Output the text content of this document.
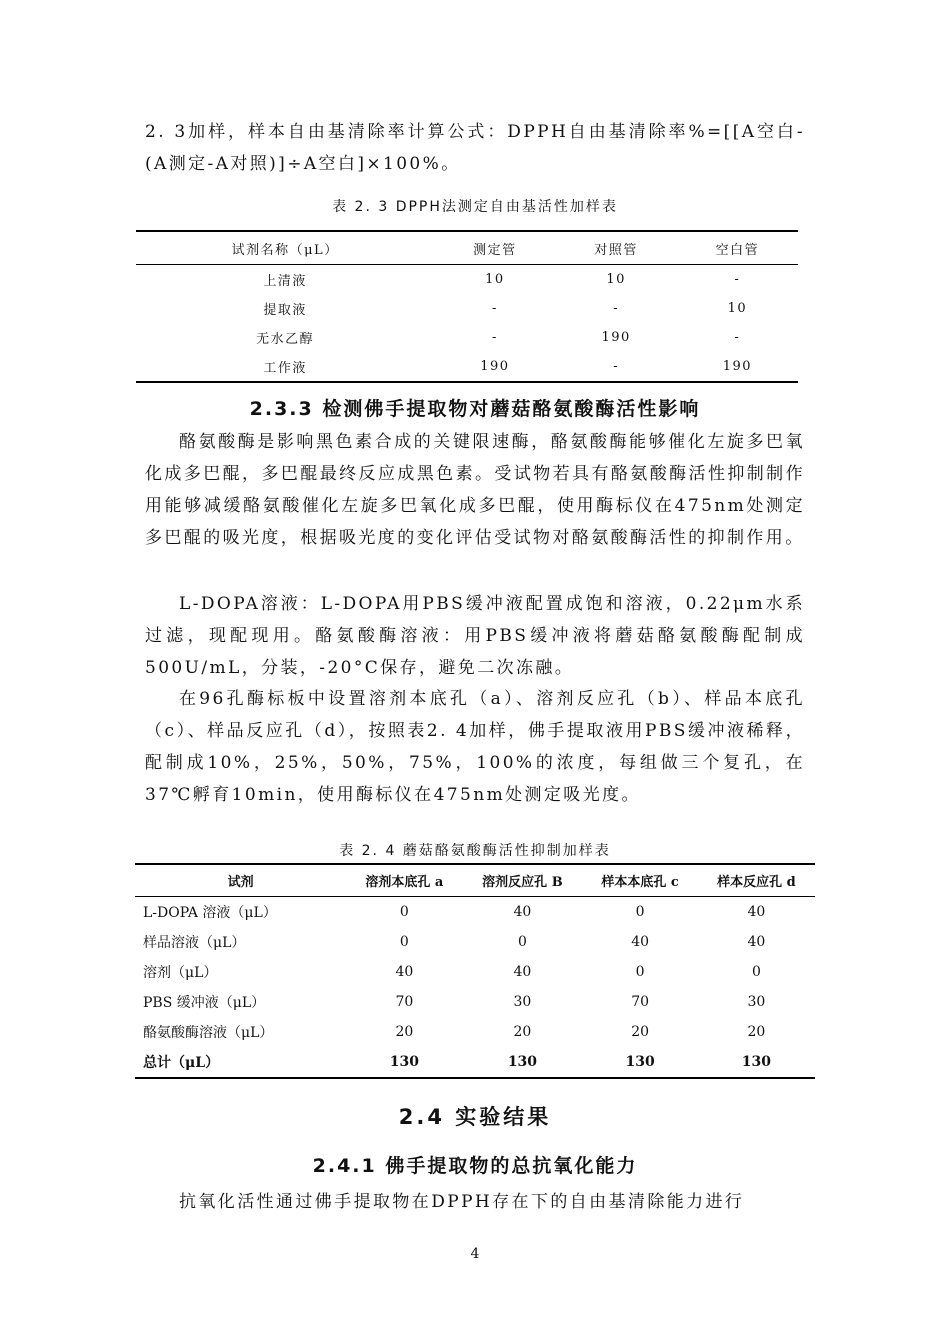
2. 3加样，样本自由基清除率计算公式：DPPH自由基清除率%=[[A空白-(A测定-A对照)]÷A空白]×100%。

表 2. 3 DPPH法测定自由基活性加样表
试剂名称（μL）	测定管	对照管	空白管
上清液	10	10	-
提取液	-	-	10
无水乙醇	-	190	-
工作液	190	-	190
2.3.3 检测佛手提取物对蘑菇酪氨酸酶活性影响

酪氨酸酶是影响黑色素合成的关键限速酶，酪氨酸酶能够催化左旋多巴氧化成多巴醌，多巴醌最终反应成黑色素。受试物若具有酪氨酸酶活性抑制制作用能够减缓酪氨酸催化左旋多巴氧化成多巴醌，使用酶标仪在475nm处测定多巴醌的吸光度，根据吸光度的变化评估受试物对酪氨酸酶活性的抑制作用。

L-DOPA溶液：L-DOPA用PBS缓冲液配置成饱和溶液，0.22μm水系过滤，现配现用。酪氨酸酶溶液：用PBS缓冲液将蘑菇酪氨酸酶配制成500U/mL，分装，-20°C保存，避免二次冻融。

在96孔酶标板中设置溶剂本底孔（a）、溶剂反应孔（b）、样品本底孔（c）、样品反应孔（d），按照表2. 4加样，佛手提取液用PBS缓冲液稀释，配制成10%，25%，50%，75%，100%的浓度，每组做三个复孔，在37℃孵育10min，使用酶标仪在475nm处测定吸光度。

表 2. 4 蘑菇酪氨酸酶活性抑制加样表
试剂	溶剂本底孔 a	溶剂反应孔 B	样本本底孔 c	样本反应孔 d
L-DOPA 溶液（μL）	0	40	0	40
样品溶液（μL）	0	0	40	40
溶剂（μL）	40	40	0	0
PBS 缓冲液（μL）	70	30	70	30
酪氨酸酶溶液（μL）	20	20	20	20
总计（μL）	130	130	130	130
2.4 实验结果
2.4.1 佛手提取物的总抗氧化能力

抗氧化活性通过佛手提取物在DPPH存在下的自由基清除能力进行

4
